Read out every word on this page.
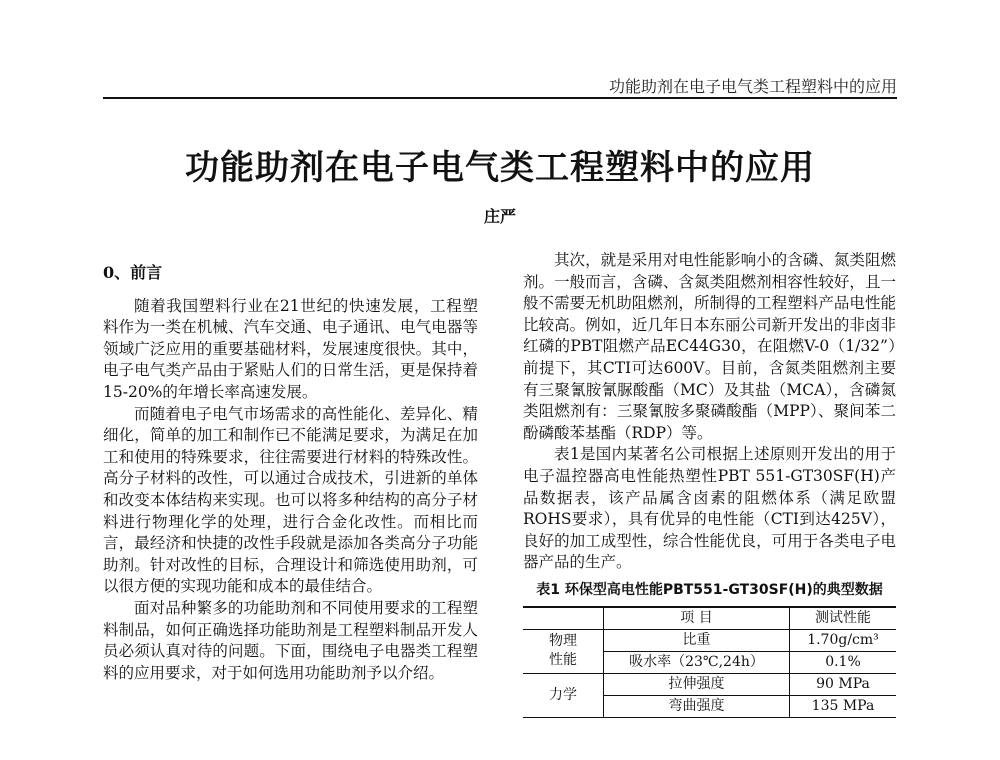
功能助剂在电子电气类工程塑料中的应用
功能助剂在电子电气类工程塑料中的应用
庄严
0、前言

随着我国塑料行业在21世纪的快速发展，工程塑料作为一类在机械、汽车交通、电子通讯、电气电器等领域广泛应用的重要基础材料，发展速度很快。其中，电子电气类产品由于紧贴人们的日常生活，更是保持着15-20%的年增长率高速发展。

而随着电子电气市场需求的高性能化、差异化、精细化，简单的加工和制作已不能满足要求，为满足在加工和使用的特殊要求，往往需要进行材料的特殊改性。高分子材料的改性，可以通过合成技术，引进新的单体和改变本体结构来实现。也可以将多种结构的高分子材料进行物理化学的处理，进行合金化改性。而相比而言，最经济和快捷的改性手段就是添加各类高分子功能助剂。针对改性的目标，合理设计和筛选使用助剂，可以很方便的实现功能和成本的最佳结合。

面对品种繁多的功能助剂和不同使用要求的工程塑料制品，如何正确选择功能助剂是工程塑料制品开发人员必须认真对待的问题。下面，围绕电子电器类工程塑料的应用要求，对于如何选用功能助剂予以介绍。

其次，就是采用对电性能影响小的含磷、氮类阻燃剂。一般而言，含磷、含氮类阻燃剂相容性较好，且一般不需要无机助阻燃剂，所制得的工程塑料产品电性能比较高。例如，近几年日本东丽公司新开发出的非卤非红磷的PBT阻燃产品EC44G30，在阻燃V-0（1/32”）前提下，其CTI可达600V。目前，含氮类阻燃剂主要有三聚氰胺氰脲酸酯（MC）及其盐（MCA），含磷氮类阻燃剂有：三聚氰胺多聚磷酸酯（MPP）、聚间苯二酚磷酸苯基酯（RDP）等。

表1是国内某著名公司根据上述原则开发出的用于电子温控器高电性能热塑性PBT 551-GT30SF(H)产品数据表，该产品属含卤素的阻燃体系（满足欧盟ROHS要求），具有优异的电性能（CTI到达425V），良好的加工成型性，综合性能优良，可用于各类电子电器产品的生产。

表1 环保型高电性能PBT551-GT30SF(H)的典型数据
	项 目	测试性能
物理
性能	比重	1.70g/cm³
	吸水率（23℃,24h）	0.1%
力学	拉伸强度	90 MPa
	弯曲强度	135 MPa
